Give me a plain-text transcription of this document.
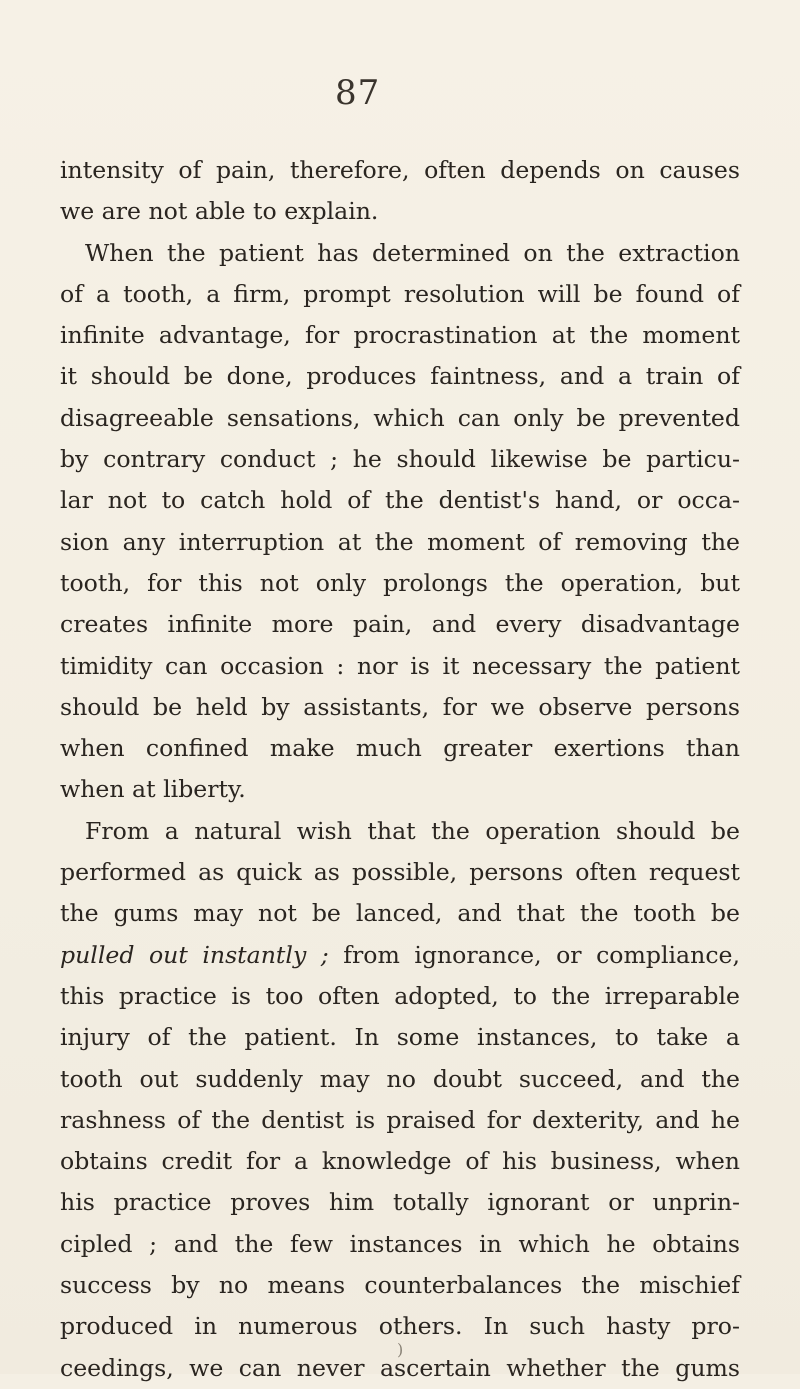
87
intensity of pain, therefore, often depends on causes
we are not able to explain.
When the patient has determined on the extraction
of a tooth, a firm, prompt resolution will be found of
infinite advantage, for procrastination at the moment
it should be done, produces faintness, and a train of
disagreeable sensations, which can only be prevented
by contrary conduct ; he should likewise be particu-
lar not to catch hold of the dentist's hand, or occa-
sion any interruption at the moment of removing the
tooth, for this not only prolongs the operation, but
creates infinite more pain, and every disadvantage
timidity can occasion : nor is it necessary the patient
should be held by assistants, for we observe persons
when confined make much greater exertions than
when at liberty.
From a natural wish that the operation should be
performed as quick as possible, persons often request
the gums may not be lanced, and that the tooth be
pulled out instantly ; from ignorance, or compliance,
this practice is too often adopted, to the irreparable
injury of the patient. In some instances, to take a
tooth out suddenly may no doubt succeed, and the
rashness of the dentist is praised for dexterity, and he
obtains credit for a knowledge of his business, when
his practice proves him totally ignorant or unprin-
cipled ; and the few instances in which he obtains
success by no means counterbalances the mischief
produced in numerous others. In such hasty pro-
ceedings, we can never ascertain whether the gums
)
